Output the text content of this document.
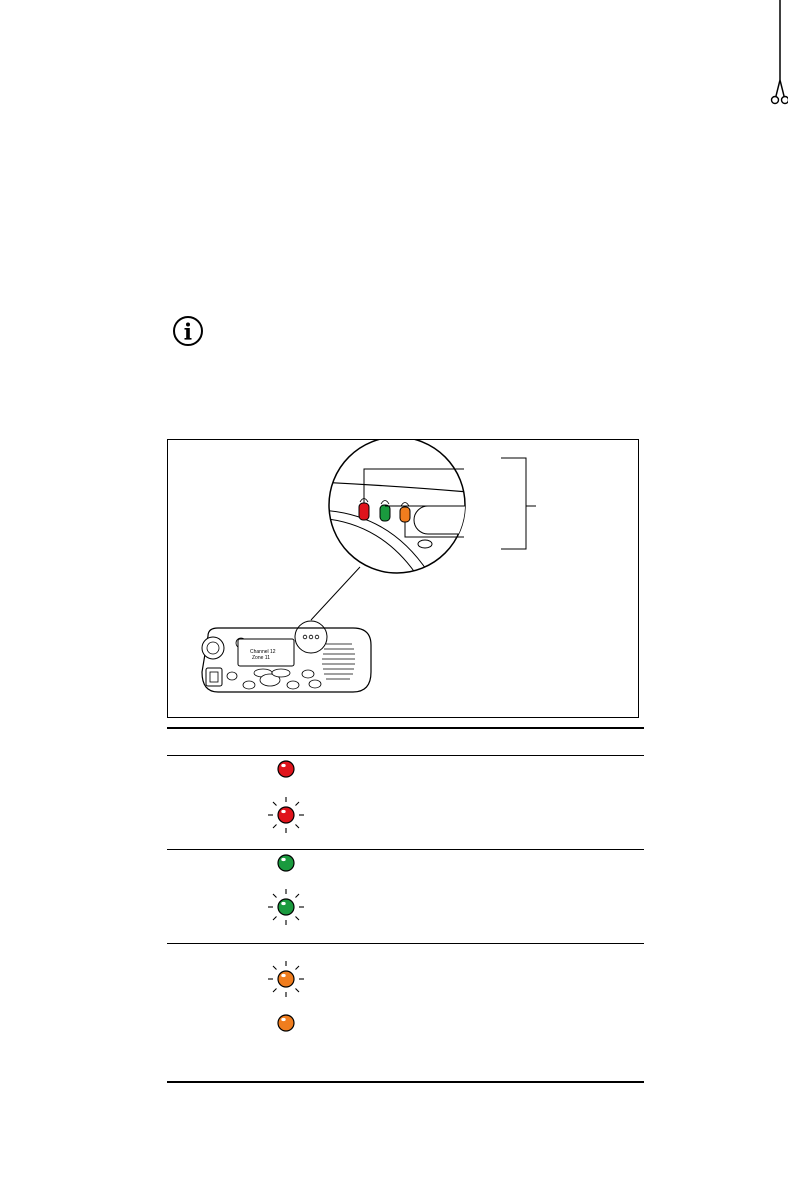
Channel 12
Zone 11
